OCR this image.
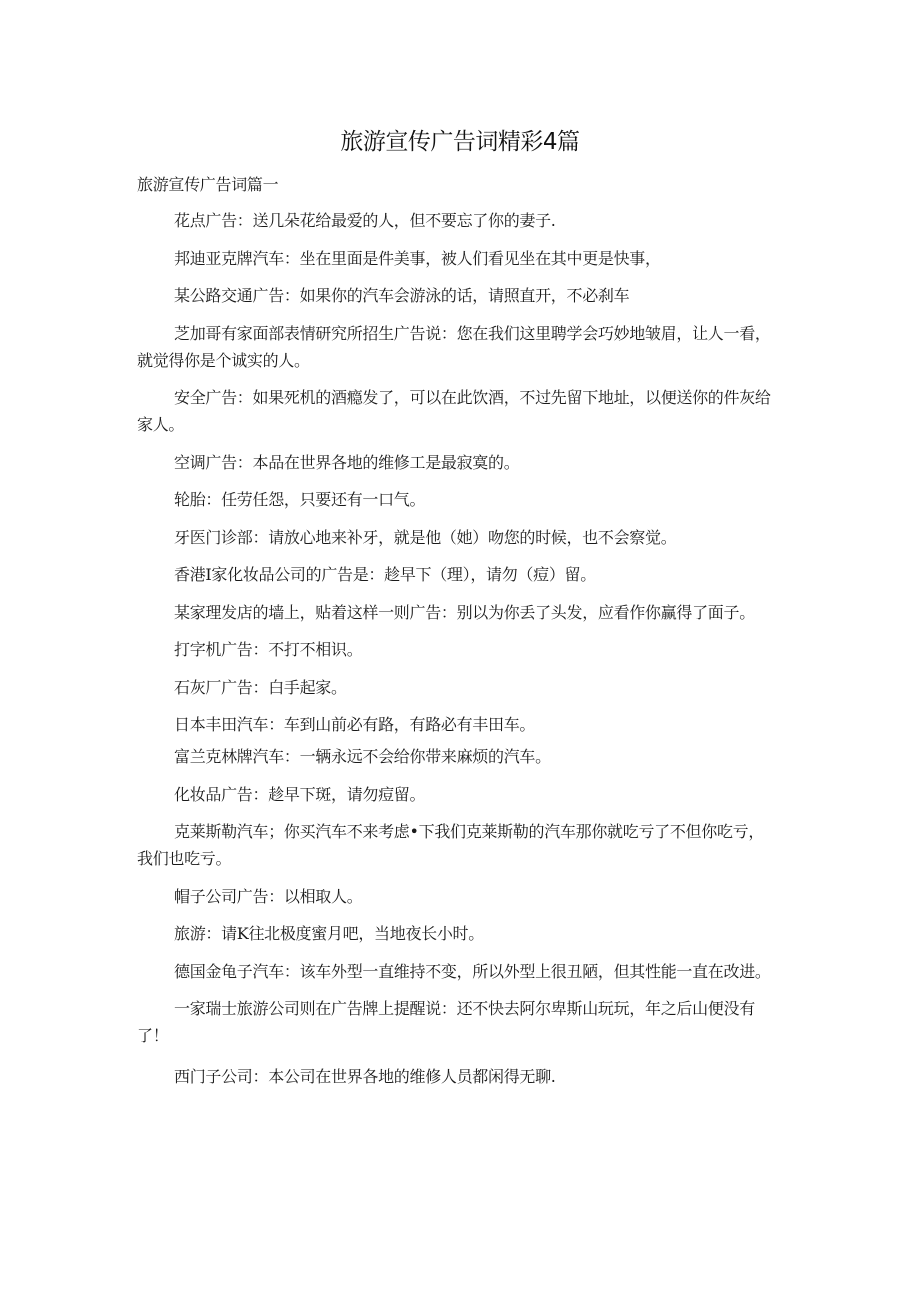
旅游宣传广告词精彩4篇
旅游宣传广告词篇一

花点广告：送几朵花给最爱的人，但不要忘了你的妻子.

邦迪亚克牌汽车：坐在里面是件美事，被人们看见坐在其中更是快事，

某公路交通广告：如果你的汽车会游泳的话，请照直开，不必刹车

芝加哥有家面部表情研究所招生广告说：您在我们这里聘学会巧妙地皱眉，让人一看，就觉得你是个诚实的人。

安全广告：如果死机的酒瘾发了，可以在此饮酒，不过先留下地址，以便送你的件灰给家人。

空调广告：本品在世界各地的维修工是最寂寞的。

轮胎：任劳任怨，只要还有一口气。

牙医门诊部：请放心地来补牙，就是他（她）吻您的时候，也不会察觉。

香港I家化妆品公司的广告是：趁早下（理），请勿（痘）留。

某家理发店的墙上，贴着这样一则广告：别以为你丢了头发，应看作你赢得了面子。

打字机广告：不打不相识。

石灰厂广告：白手起家。

日本丰田汽车：车到山前必有路，有路必有丰田车。

富兰克林牌汽车：一辆永远不会给你带来麻烦的汽车。

化妆品广告：趁早下斑，请勿痘留。

克莱斯勒汽车；你买汽车不来考虑•下我们克莱斯勒的汽车那你就吃亏了不但你吃亏，我们也吃亏。

帽子公司广告：以相取人。

旅游：请K往北极度蜜月吧，当地夜长小时。

德国金龟子汽车：该车外型一直维持不变，所以外型上很丑陋，但其性能一直在改进。

一家瑞士旅游公司则在广告牌上提醒说：还不快去阿尔卑斯山玩玩，年之后山便没有了！

西门子公司：本公司在世界各地的维修人员都闲得无聊.
